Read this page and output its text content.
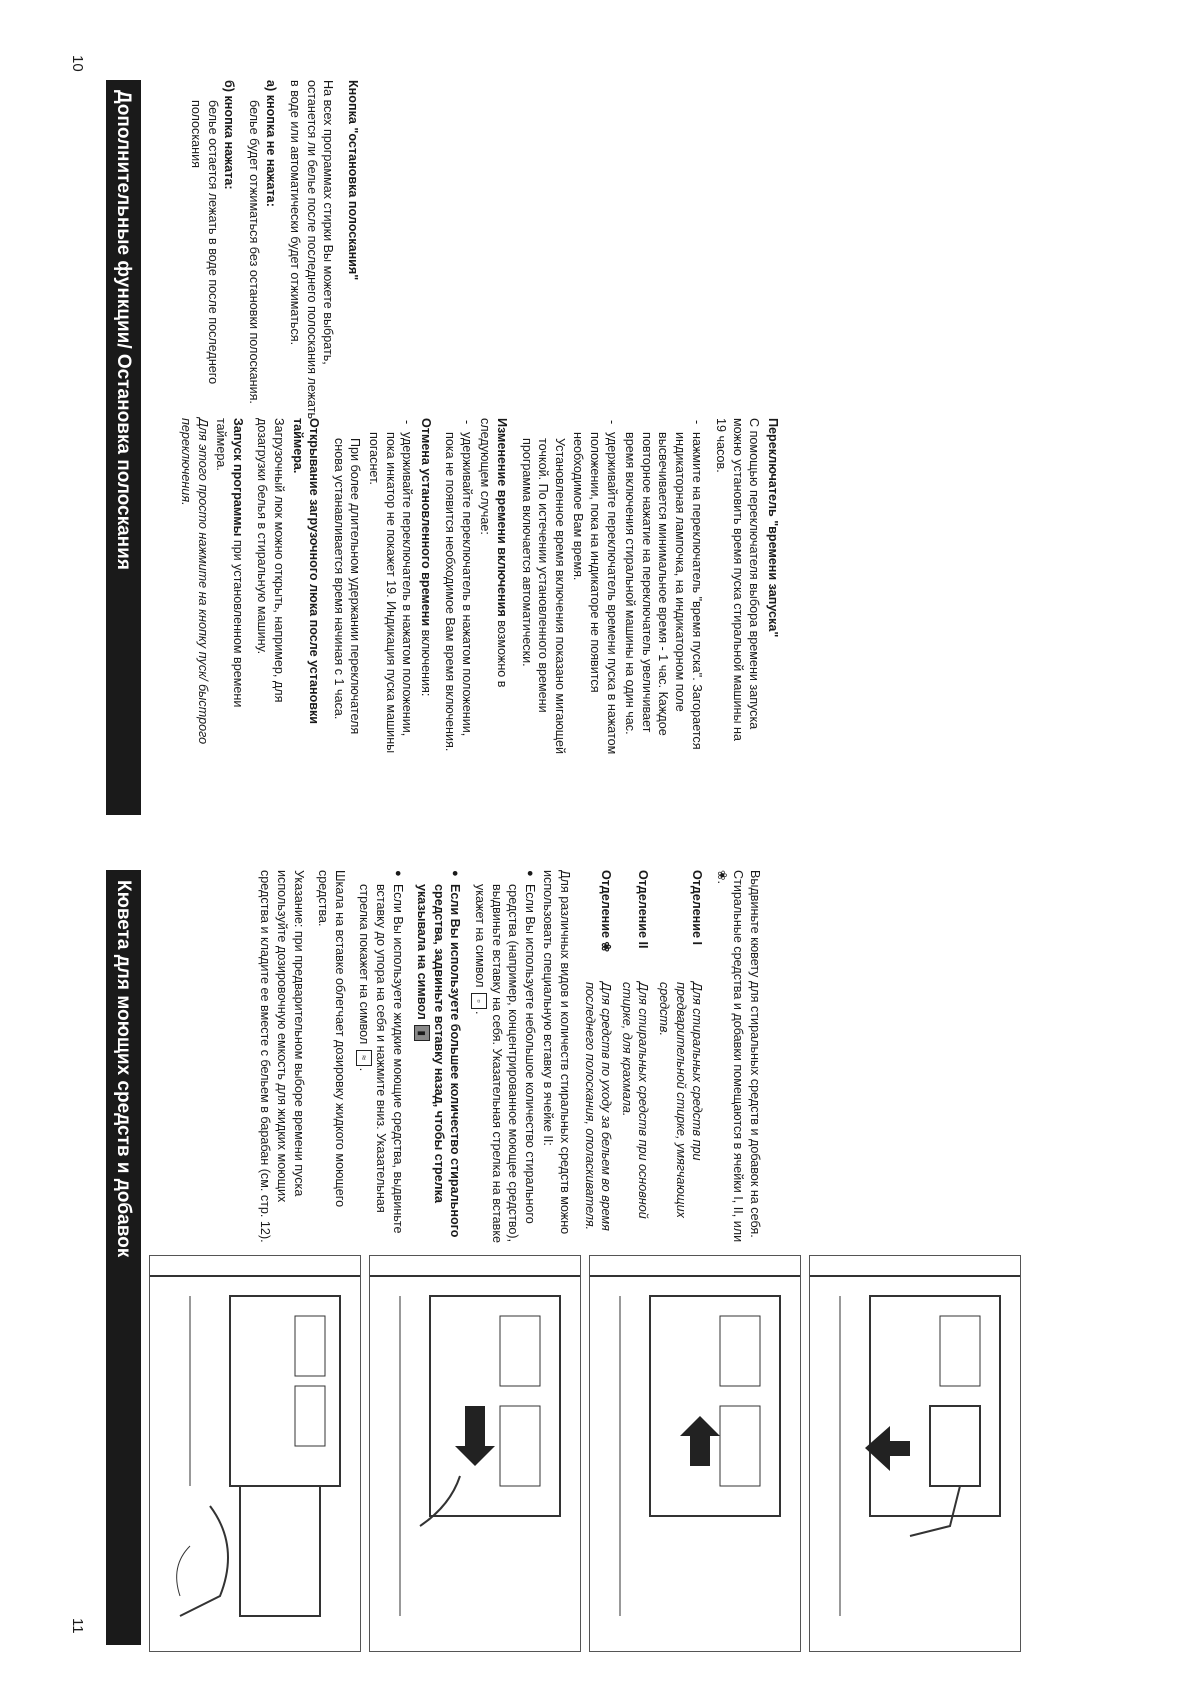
Дополнительные функции/ Остановка полоскания	Кнопка "остановка полоскания"

На всех программах стирки Вы можете выбрать, останется ли белье после последнего полоскания лежать в воде или автоматически будет отжиматься.

а) кнопка не нажата:

белье будет отжиматься без остановки полоскания.

б) кнопка нажата:

белье остается лежать в воде после последнего полоскания

Переключатель "времени запуска"

С помощью переключателя выбора времени запуска можно установить время пуска стиральной машины на 19 часов.

- нажмите на переключатель "время пуска". Загорается индикаторная лампочка, на индикаторном поле высвечивается минимальное время - 1 час. Каждое повторное нажатие на переключатель увеличивает время включения стиральной машины на один час.

- удерживайте переключатель времени пуска в нажатом положении, пока на индикаторе не появится необходимое Вам время.

Установленное время включения показано мигающей точкой. По истечении установленного времени программа включается автоматически.

Изменение времени включения возможно в следующем случае:

- удерживайте переключатель в нажатом положении, пока не появится необходимое Вам время включения.

Отмена установленного времени включения:

- удерживайте переключатель в нажатом положении, пока инкатор не покажет 19. Индикация пуска машины погаснет.

При более длительном удержании переключателя снова устанавливается время начиная с 1 часа.

Открывание загрузочного люка после установки таймера.

Загрузочный люк можно открыть, например, для дозагрузки белья в стиральную машину.

Запуск программы при установленном времени таймера.

Для этого просто нажмите на кнопку пуск/ быстрого переключения.

Кювета для моющих средств и добавок	Выдвиньте кювету для стиральных средств и добавок на себя. Стиральные средства и добавки помещаются в ячейки I, II, или ❀.

Отделение IДля стиральных средств при предварительной стирке, умягчающих средств.

Отделение IIДля стиральных средств при основной стирке, для крахмала.

Отделение ❀Для средств по уходу за бельем во время последнего полоскания, ополаскивателя.

Для различных видов и количеств стиральных средств можно использовать специальную вставку в ячейке II:

● Если Вы используете небольшое количество стирального средства (например, концентрированное моющее средство), выдвиньте вставку на себя. Указательная стрелка на вставке укажет на символ ▫.

● Если Вы используете большее количество стирального средства, задвиньте вставку назад, чтобы стрелка указывала на символ ▮

● Если Вы используете жидкие моющие средства, выдвиньте вставку до упора на себя и нажмите вниз. Указательная стрелка покажет на символ ≈.

Шкала на вставке облегчает дозировку жидкого моющего средства.

Указание: при предварительном выборе времени пуска используйте дозировочную емкость для жидких моющих средства и кладите ее вместе с бельем в барабан (см. стр. 12).

10
11
